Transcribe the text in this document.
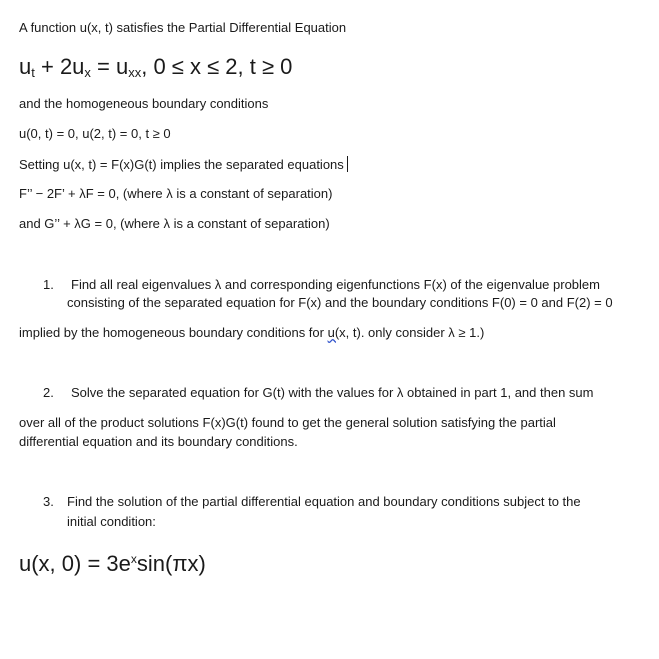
A function u(x, t) satisfies the Partial Differential Equation
$u_t + 2u_x = u_{xx}$, 0 ≤ x ≤ 2, t ≥ 0
and the homogeneous boundary conditions
u(0, t) = 0, u(2, t) = 0, t ≥ 0
Setting u(x, t) = F(x)G(t) implies the separated equations
F’’ − 2F’ + λF = 0, (where λ is a constant of separation)
and G’’ + λG = 0, (where λ is a constant of separation)
1. Find all real eigenvalues λ and corresponding eigenfunctions F(x) of the eigenvalue problem
consisting of the separated equation for F(x) and the boundary conditions F(0) = 0 and F(2) = 0
implied by the homogeneous boundary conditions for u(x, t). only consider λ ≥ 1.)
2. Solve the separated equation for G(t) with the values for λ obtained in part 1, and then sum
over all of the product solutions F(x)G(t) found to get the general solution satisfying the partial
differential equation and its boundary conditions.
3. Find the solution of the partial differential equation and boundary conditions subject to the
initial condition:
u(x, $0) = 3e^x\sin(\pi x)$
